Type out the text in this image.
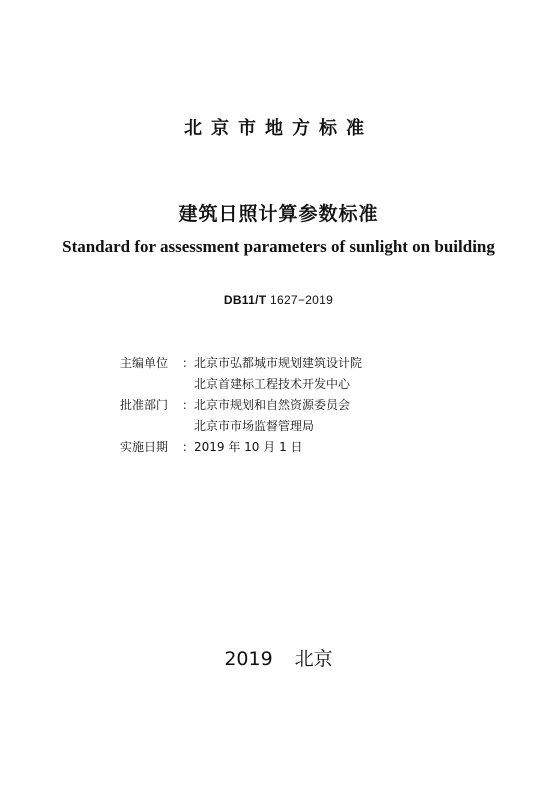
北京市地方标准
建筑日照计算参数标准
Standard for assessment parameters of sunlight on building
DB11/T 1627−2019
主编单位	： 北京市弘都城市规划建筑设计院
北京首建标工程技术开发中心
批准部门	： 北京市规划和自然资源委员会
北京市市场监督管理局
实施日期	： 2019 年 10 月 1 日
2019 北京
